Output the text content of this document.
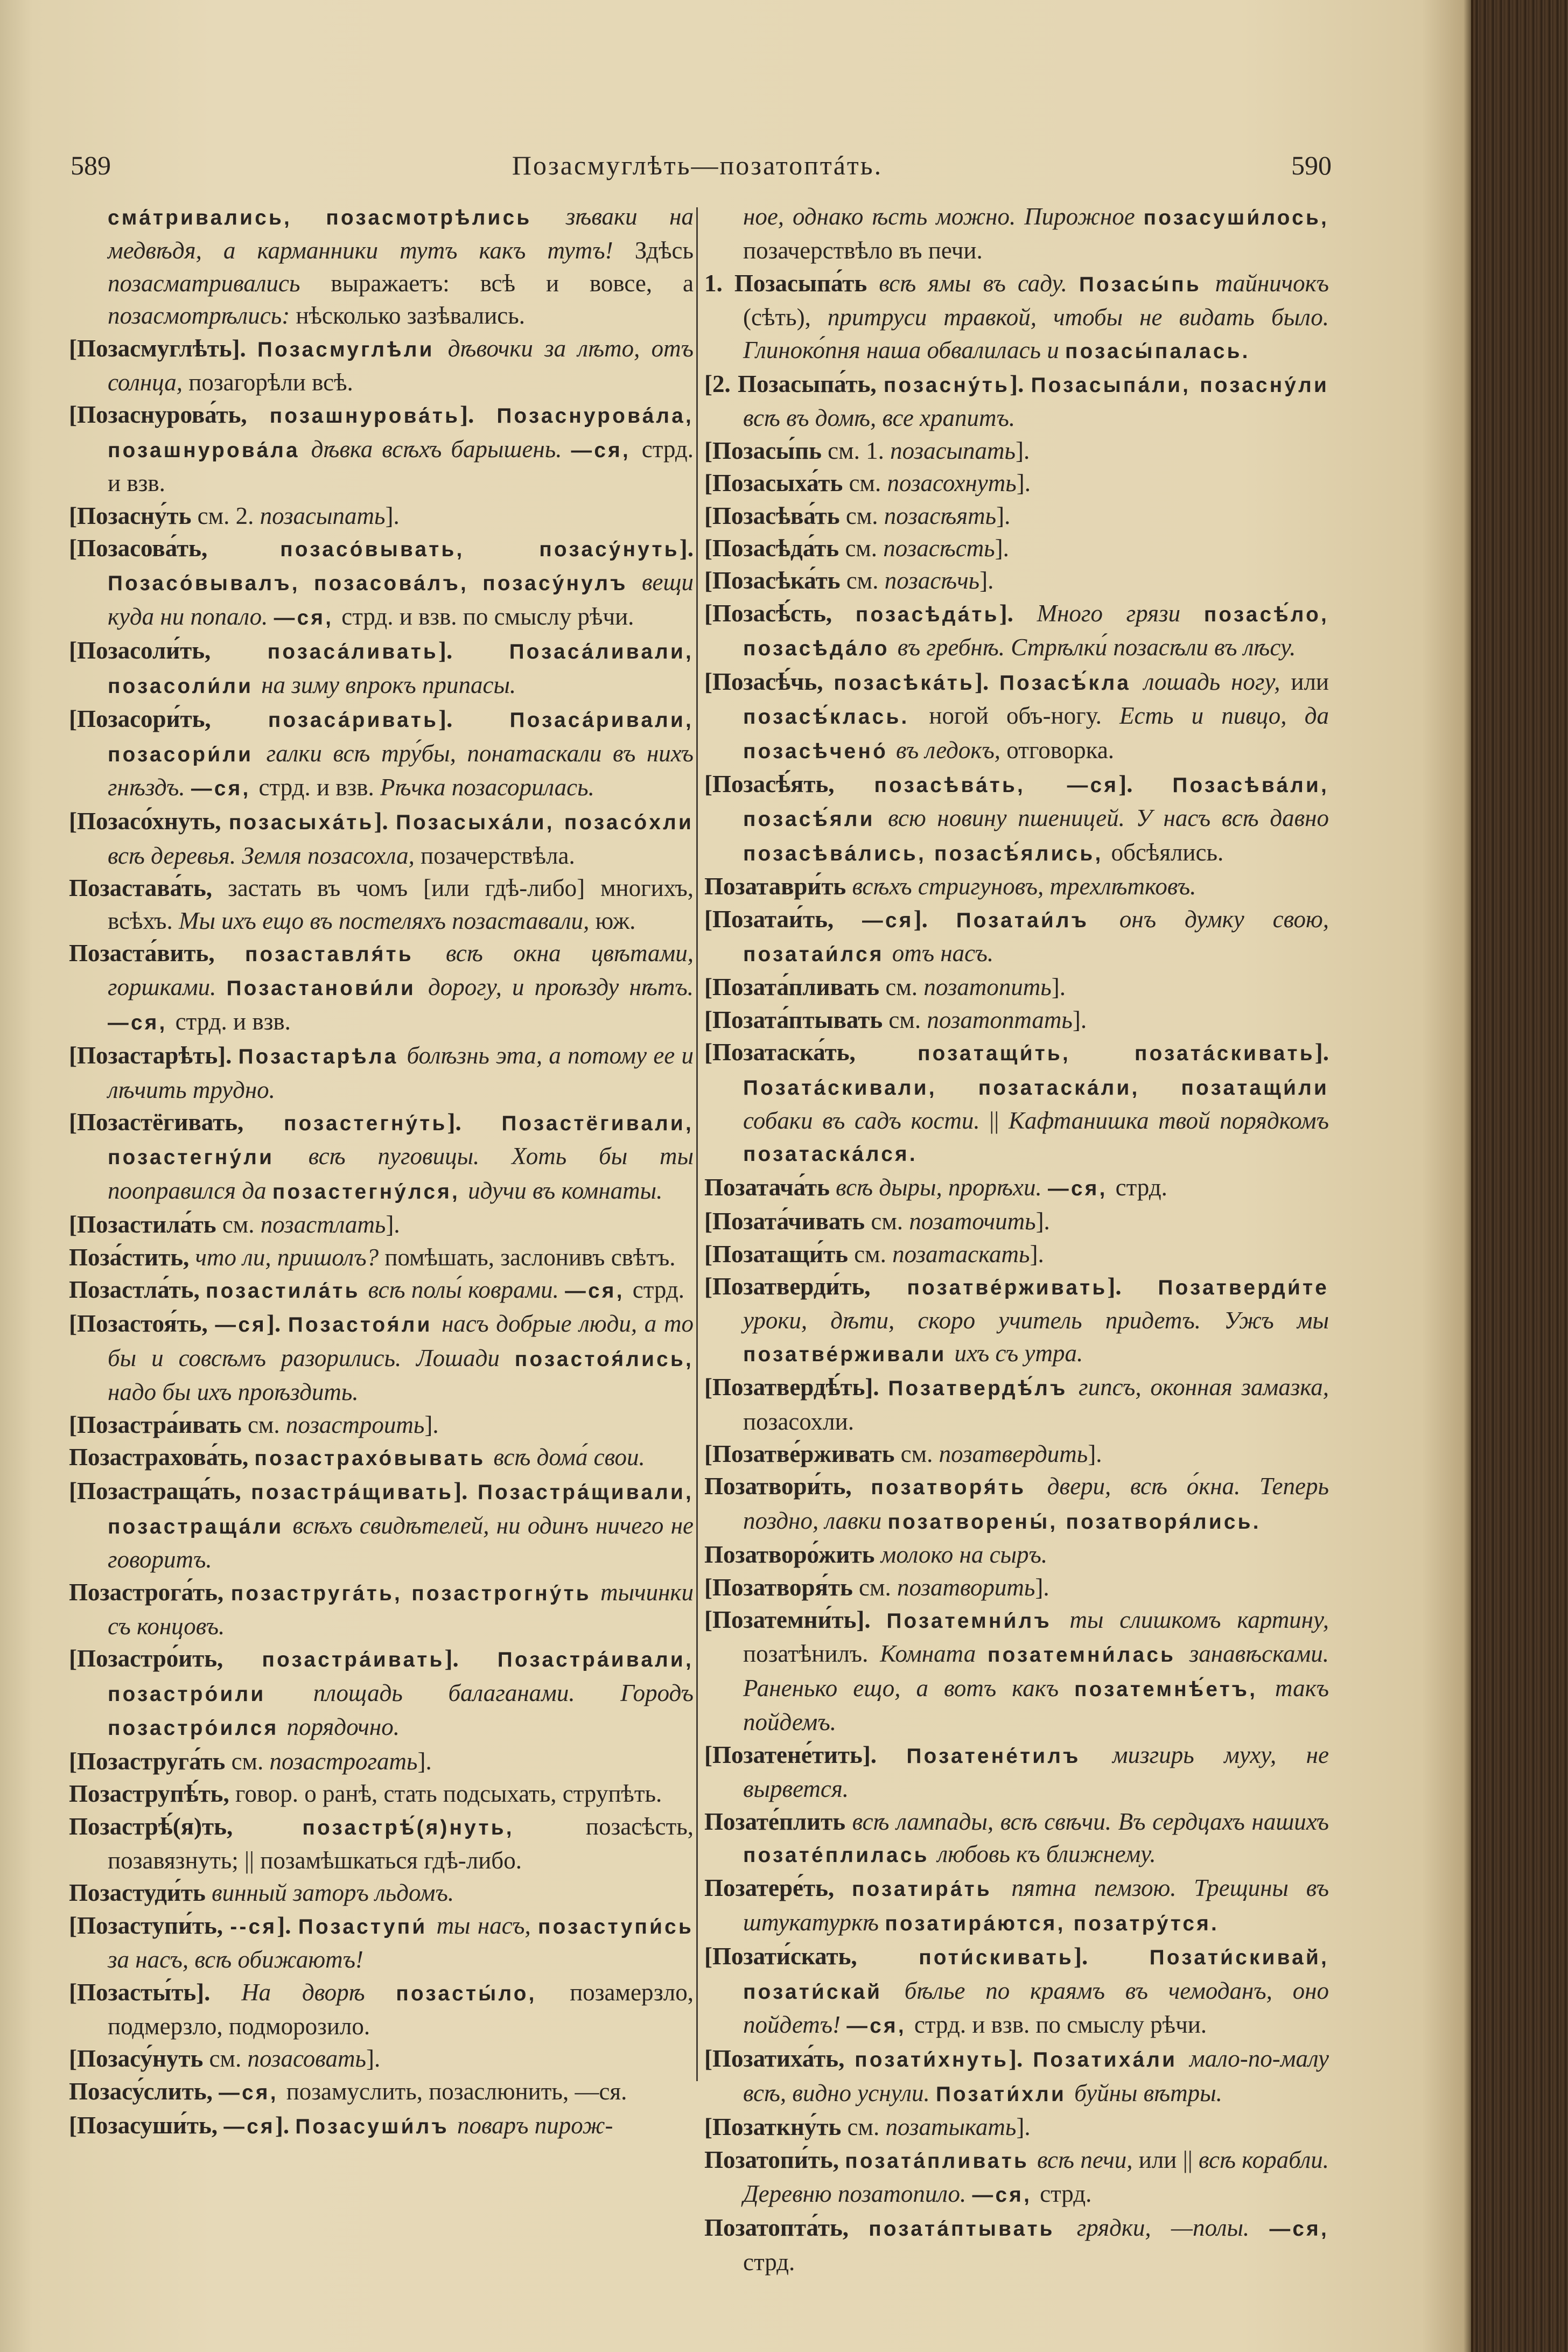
589	Позасмуглѣть—позатоптáть.	590

сма́тривались, позасмотрѣлись зѣваки на медвѣдя, а карманники тутъ какъ тутъ! Здѣсь позасматривались выражаетъ: всѣ и вовсе, а позасмотрѣлись: нѣсколько зазѣвались.

[Позасмуглѣть]. Позасмуглѣли дѣвочки за лѣто, отъ солнца, позагорѣли всѣ.

[Позаснурова́ть, позашнурова́ть]. Позаснурова́ла, позашнурова́ла дѣвка всѣхъ барышень. —ся, стрд. и взв.

[Позасну́ть см. 2. позасыпать].

[Позасова́ть, позасо́вывать, позасу́нуть]. Позасо́вывалъ, позасова́лъ, позасу́нулъ вещи куда ни попало. —ся, стрд. и взв. по смыслу рѣчи.

[Позасоли́ть, позаса́ливать]. Позаса́ливали, позасоли́ли на зиму впрокъ припасы.

[Позасори́ть, позаса́ривать]. Позаса́ривали, позасори́ли галки всѣ тру́бы, понатаскали въ нихъ гнѣздъ. —ся, стрд. и взв. Рѣчка позасорилась.

[Позасо́хнуть, позасыха́ть]. Позасыха́ли, позасо́хли всѣ деревья. Земля позасохла, позачерствѣла.

Позастава́ть, застать въ чомъ [или гдѣ-либо] многихъ, всѣхъ. Мы ихъ ещо въ постеляхъ позаставали, юж.

Позаста́вить, позаставля́ть всѣ окна цвѣтами, горшками. Позастанови́ли дорогу, и проѣзду нѣтъ. —ся, стрд. и взв.

[Позастарѣть]. Позастарѣла болѣзнь эта, а потому ее и лѣчить трудно.

[Позастёгивать, позастегну́ть]. Позастёгивали, позастегну́ли всѣ пуговицы. Хоть бы ты поoправился да позастегну́лся, идучи въ комнаты.

[Позастила́ть см. позастлать].

Поза́стить, что ли, пришолъ? помѣшать, заслонивъ свѣтъ.

Позастла́ть, позастила́ть всѣ полы́ коврами. —ся, стрд.

[Позастоя́ть, —ся]. Позастоя́ли насъ добрые люди, а то бы и совсѣмъ разорились. Лошади позастоя́лись, надо бы ихъ проѣздить.

[Позастра́ивать см. позастроить].

Позастрахова́ть, позастрахо́вывать всѣ дома́ свои.

[Позастраща́ть, позастра́щивать]. Позастра́щивали, позастраща́ли всѣхъ свидѣтелей, ни одинъ ничего не говоритъ.

Позастрога́ть, позаструга́ть, позастрогну́ть тычинки съ концовъ.

[Позастро́ить, позастра́ивать]. Позастра́ивали, позастро́или площадь балаганами. Городъ позастро́ился порядочно.

[Позаструга́ть см. позастрогать].

Позаструпѣ́ть, говор. о ранѣ, стать подсыхать, струпѣть.

Позастрѣ́(я)ть, позастрѣ́(я)нуть, позасѣсть, позавязнуть; || позамѣшкаться гдѣ-либо.

Позастуди́ть винный заторъ льдомъ.

[Позаступи́ть, --ся]. Позаступи́ ты насъ, позаступи́сь за насъ, всѣ обижаютъ!

[Позасты́ть]. На дворѣ позасты́ло, позамерзло, подмерзло, подморозило.

[Позасу́нуть см. позасовать].

Позасу́слить, —ся, позамуслить, позаслюнить, —ся.

[Позасуши́ть, —ся]. Позасуши́лъ поваръ пирож-

ное, однако ѣсть можно. Пирожное позасуши́лось, позачерствѣло въ печи.

1. Позасыпа́ть всѣ ямы въ саду. Позасы́пь тайничокъ (сѣть), притруси травкой, чтобы не видать было. Глиноко́пня наша обвалилась и позасы́палась.

[2. Позасыпа́ть, позасну́ть]. Позасыпа́ли, позасну́ли всѣ въ домѣ, все храпитъ.

[Позасы́пь см. 1. позасыпать].

[Позасыха́ть см. позасохнуть].

[Позасѣва́ть см. позасѣять].

[Позасѣда́ть см. позасѣсть].

[Позасѣка́ть см. позасѣчь].

[Позасѣ́сть, позасѣда́ть]. Много грязи позасѣ́ло, позасѣда́ло въ гребнѣ. Стрѣлки́ позасѣли въ лѣсу.

[Позасѣ́чь, позасѣка́ть]. Позасѣ́кла лошадь ногу, или позасѣ́клась. ногой объ-ногу. Есть и пивцо, да позасѣчено́ въ ледокъ, отговорка.

[Позасѣ́ять, позасѣва́ть, —ся]. Позасѣва́ли, позасѣ́яли всю новину пшеницей. У насъ всѣ давно позасѣва́лись, позасѣ́ялись, обсѣялись.

Позатаври́ть всѣхъ стригуновъ, трехлѣтковъ.

[Позатаи́ть, —ся]. Позатаи́лъ онъ думку свою, позатаи́лся отъ насъ.

[Позата́пливать см. позатопить].

[Позата́птывать см. позатоптать].

[Позатаска́ть, позатащи́ть, позата́скивать]. Позата́скивали, позатаска́ли, позатащи́ли собаки въ садъ кости. || Кафтанишка твой порядкомъ позатаска́лся.

Позатача́ть всѣ дыры, прорѣхи. —ся, стрд.

[Позата́чивать см. позаточить].

[Позатащи́ть см. позатаскать].

[Позатверди́ть, позатве́рживать]. Позатверди́те уроки, дѣти, скоро учитель придетъ. Ужъ мы позатве́рживали ихъ съ утра.

[Позатвердѣ́ть]. Позатвердѣ́лъ гипсъ, оконная замазка, позасохли.

[Позатве́рживать см. позатвердить].

Позатвори́ть, позатворя́ть двери, всѣ о́кна. Теперь поздно, лавки позатворены́, позатворя́лись.

Позатворо́жить молоко на сыръ.

[Позатворя́ть см. позатворить].

[Позатемни́ть]. Позатемни́лъ ты слишкомъ картину, позатѣнилъ. Комната позатемни́лась занавѣсками. Раненько ещо, а вотъ какъ позатемнѣ́етъ, такъ пойдемъ.

[Позатене́тить]. Позатене́тилъ мизгирь муху, не вырвется.

Позате́плить всѣ лампады, всѣ свѣчи. Въ сердцахъ нашихъ позате́плилась любовь къ ближнему.

Позатере́ть, позатира́ть пятна пемзою. Трещины въ штукатуркѣ позатира́ются, позатру́тся.

[Позати́скать, поти́скивать]. Позати́скивай, позати́скай бѣлье по краямъ въ чемоданъ, оно пойдетъ! —ся, стрд. и взв. по смыслу рѣчи.

[Позатиха́ть, позати́хнуть]. Позатиха́ли мало-по-малу всѣ, видно уснули. Позати́хли буйны вѣтры.

[Позаткну́ть см. позатыкать].

Позатопи́ть, позата́пливать всѣ печи, или || всѣ корабли. Деревню позатопило. —ся, стрд.

Позатопта́ть, позата́птывать грядки, —полы. —ся, стрд.
